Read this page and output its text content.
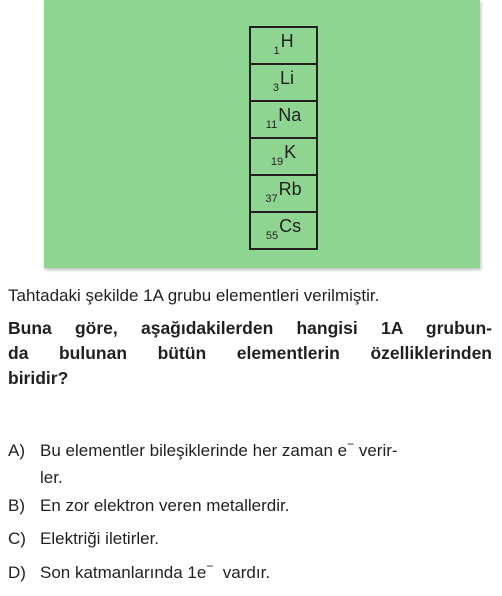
1H
3Li
11Na
19K
37Rb
55Cs

Tahtadaki şekilde 1A grubu elementleri verilmiştir.

Buna göre, aşağıdakilerden hangisi 1A grubun-
da bulunan bütün elementlerin özelliklerinden
biridir?

A) Bu elementler bileşiklerinde her zaman e− verir-
ler.
B) En zor elektron veren metallerdir.
C) Elektriği iletirler.
D) Son katmanlarında 1e−  vardır.
